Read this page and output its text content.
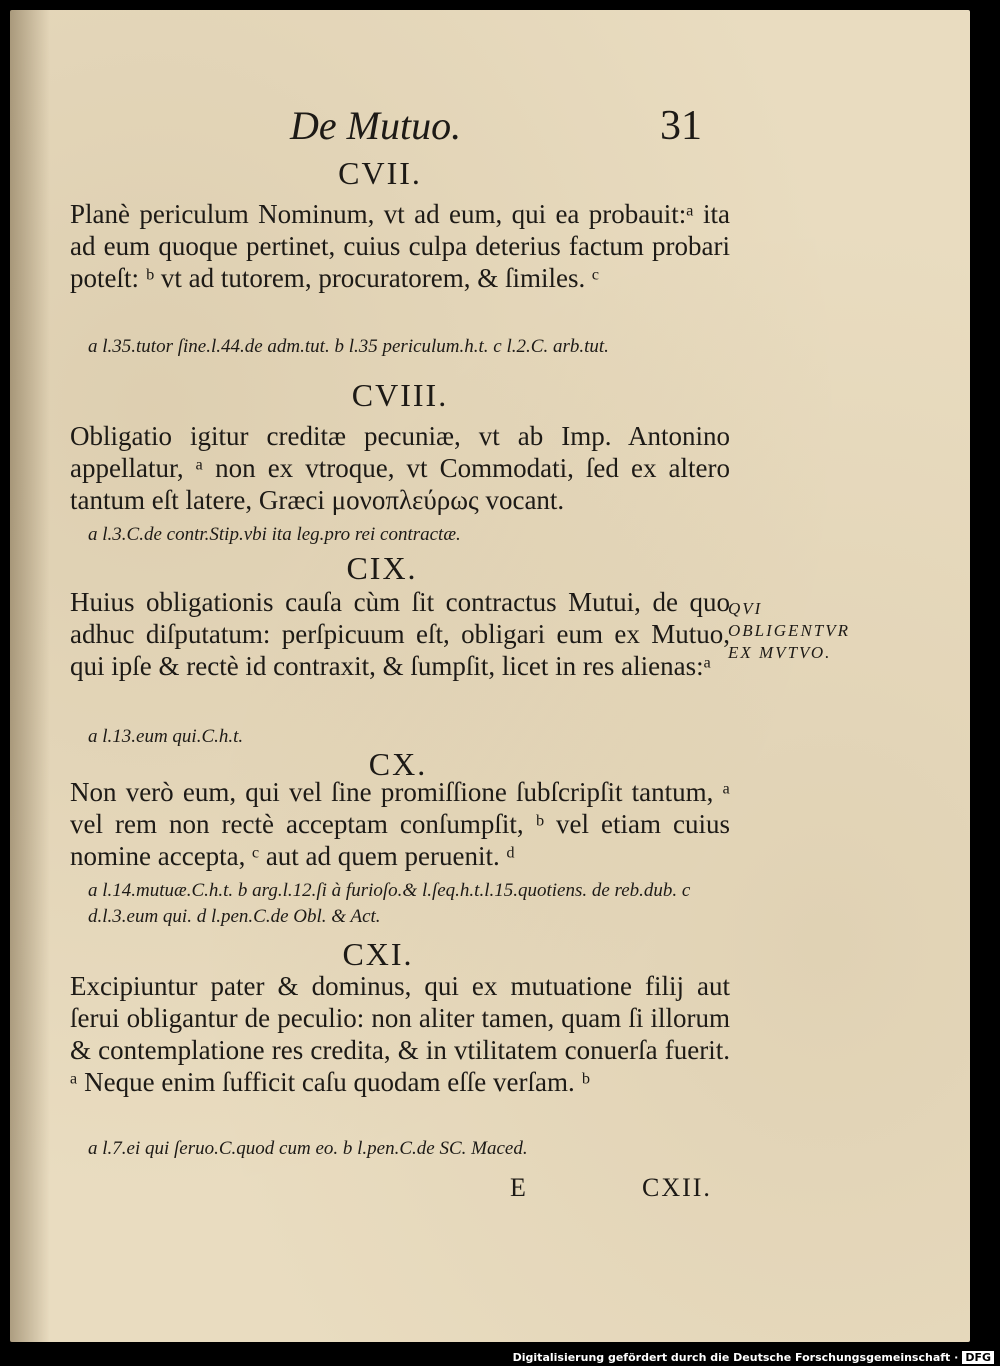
De Mutuo.	31
CVII.
Planè periculum Nominum, vt ad eum, qui ea probauit:ᵃ ita ad eum quoque pertinet, cuius culpa deterius factum probari poteſt: ᵇ vt ad tutorem, procuratorem, & ſimiles. ᶜ
a l.35.tutor ſine.l.44.de adm.tut. b l.35 periculum.h.t. c l.2.C. arb.tut.
CVIII.
Obligatio igitur creditæ pecuniæ, vt ab Imp. Antonino appellatur, ᵃ non ex vtroque, vt Commodati, ſed ex altero tantum eſt latere, Græci μονοπλεύρως vocant.
a l.3.C.de contr.Stip.vbi ita leg.pro rei contractæ.
CIX.
Huius obligationis cauſa cùm ſit contractus Mutui, de quo adhuc diſputatum: perſpicuum eſt, obligari eum ex Mutuo, qui ipſe & rectè id contraxit, & ſumpſit, licet in res alienas:ᵃ
a l.13.eum qui.C.h.t.
QVI OBLIGENTVR EX MVTVO.
CX.
Non verò eum, qui vel ſine promiſſione ſubſcripſit tantum, ᵃ vel rem non rectè acceptam conſumpſit, ᵇ vel etiam cuius nomine accepta, ᶜ aut ad quem peruenit. ᵈ
a l.14.mutuæ.C.h.t. b arg.l.12.ſi à furioſo.& l.ſeq.h.t.l.15.quotiens. de reb.dub. c d.l.3.eum qui. d l.pen.C.de Obl. & Act.
CXI.
Excipiuntur pater & dominus, qui ex mutuatione filij aut ſerui obligantur de peculio: non aliter tamen, quam ſi illorum & contemplatione res credita, & in vtilitatem conuerſa fuerit. ᵃ Neque enim ſufficit caſu quodam eſſe verſam. ᵇ
a l.7.ei qui ſeruo.C.quod cum eo. b l.pen.C.de SC. Maced.
E	CXII.
Digitalisierung gefördert durch die Deutsche Forschungsgemeinschaft · DFG
